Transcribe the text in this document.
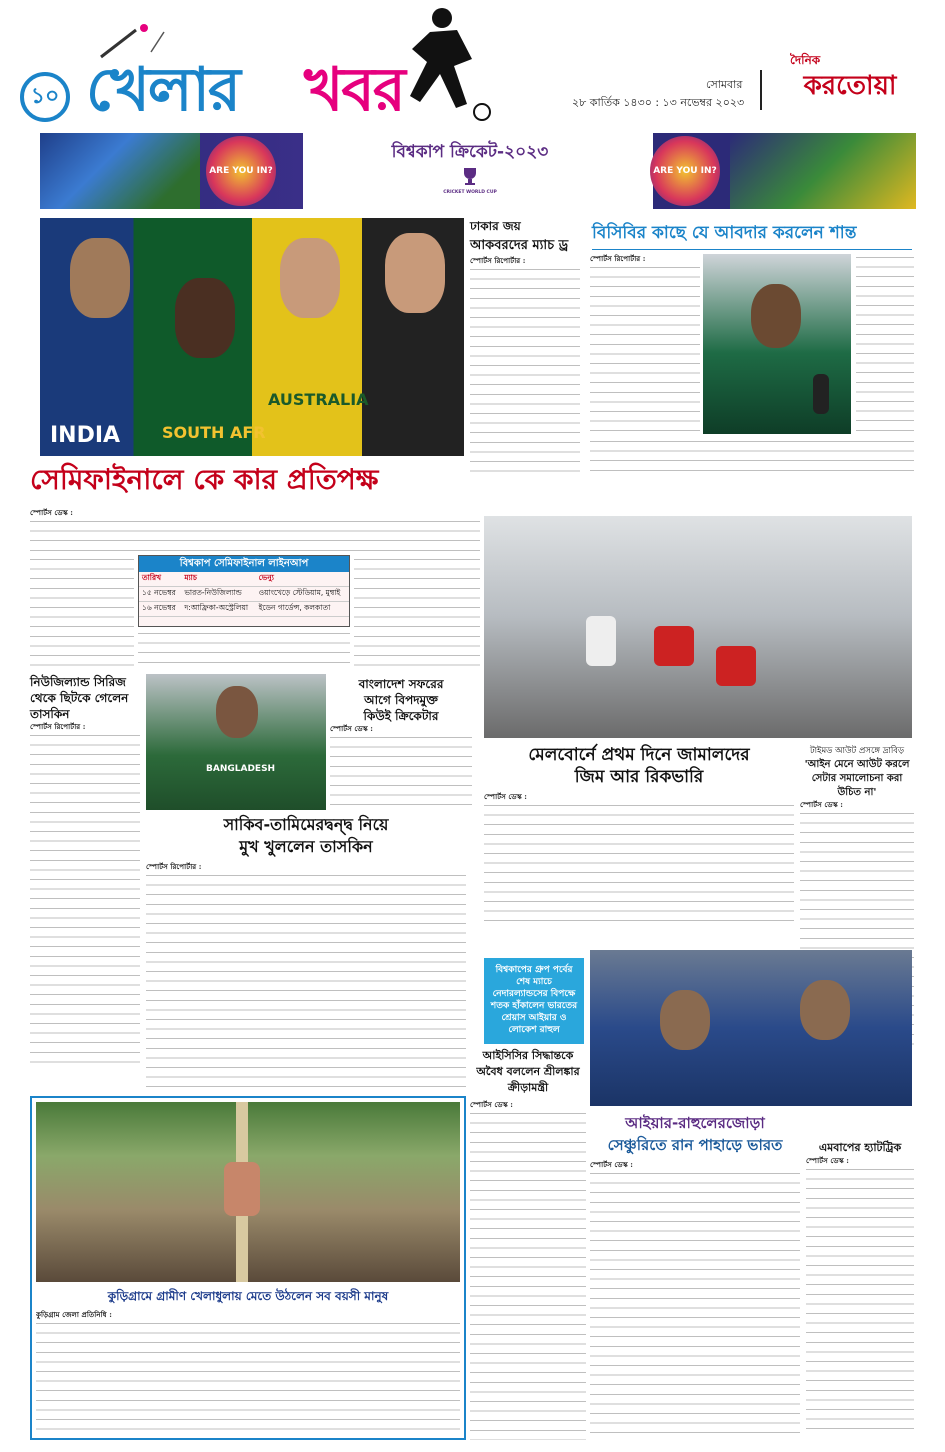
১০ খেলার খবর	সোমবার
২৮ কার্তিক ১৪৩০ : ১৩ নভেম্বর ২০২৩
দৈনিক
করতোয়া
ARE YOU IN?
বিশ্বকাপ ক্রিকেট-২০২৩
CRICKET WORLD CUP
ARE YOU IN?
INDIA	SOUTH AFR
AUSTRALIA
ঢাকার জয়
আকবরদের ম্যাচ ড্র
স্পোর্টস রিপোর্টার :
বিসিবির কাছে যে আবদার করলেন শান্ত
স্পোর্টস রিপোর্টার :
সেমিফাইনালে কে কার প্রতিপক্ষ
স্পোর্টস ডেস্ক :
বিশ্বকাপ সেমিফাইনাল লাইনআপ
তারিখ	ম্যাচ	ভেন্যু
১৫ নভেম্বর	ভারত-নিউজিল্যান্ড	ওয়াংখেড়ে স্টেডিয়াম, মুম্বাই
১৬ নভেম্বর	দ:আফ্রিকা-অস্ট্রেলিয়া	ইডেন গার্ডেন্স, কলকাতা
মেলবোর্নে প্রথম দিনে জামালদের
জিম আর রিকভারি
স্পোর্টস ডেস্ক :
টাইমড আউট প্রসঙ্গে দ্রাবিড়
'আইন মেনে আউট করলে
সেটার সমালোচনা করা
উচিত না'
স্পোর্টস ডেস্ক :
নিউজিল্যান্ড সিরিজ
থেকে ছিটকে গেলেন
তাসকিন
স্পোর্টস রিপোর্টার :
BANGLADESH
সাকিব-তামিমেরদ্বন্দ্ব নিয়ে
মুখ খুললেন তাসকিন
স্পোর্টস রিপোর্টার :
বাংলাদেশ সফরের
আগে বিপদমুক্ত
কিউই ক্রিকেটার
স্পোর্টস ডেস্ক :
বিশ্বকাপের গ্রুপ পর্বের শেষ ম্যাচে নেদারল্যান্ডসের বিপক্ষে শতক হাঁকালেন ভারতের শ্রেয়াস আইয়ার ও লোকেশ রাহুল
আইসিসির সিদ্ধান্তকে
অবৈধ বললেন শ্রীলঙ্কার
ক্রীড়ামন্ত্রী
স্পোর্টস ডেস্ক :
আইয়ার-রাহুলেরজোড়া
সেঞ্চুরিতে রান পাহাড়ে ভারত
স্পোর্টস ডেস্ক :
এমবাপের হ্যাটট্রিক
স্পোর্টস ডেস্ক :
কুড়িগ্রামে গ্রামীণ খেলাধুলায় মেতে উঠলেন সব বয়সী মানুষ
কুড়িগ্রাম জেলা প্রতিনিধি :
